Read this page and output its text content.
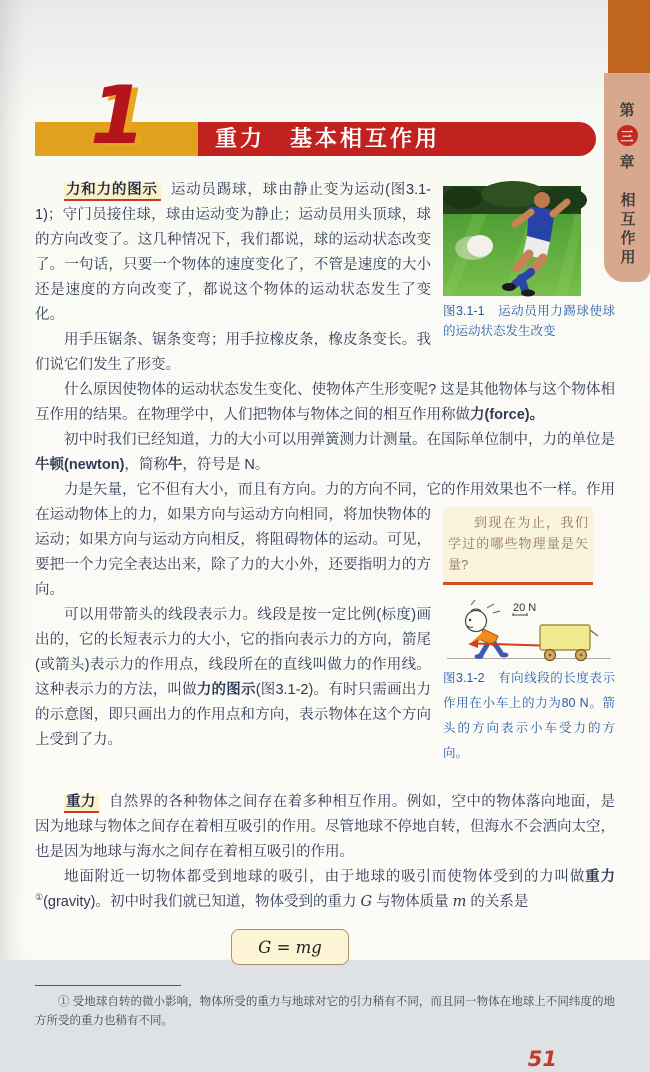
第
三
章
相互作用
1	重力　基本相互作用
图3.1-1　运动员用力踢球使球的运动状态发生改变
力和力的图示 运动员踢球，球由静止变为运动(图3.1-1)；守门员接住球，球由运动变为静止；运动员用头顶球，球的方向改变了。这几种情况下，我们都说，球的运动状态改变了。一句话，只要一个物体的速度变化了，不管是速度的大小还是速度的方向改变了，都说这个物体的运动状态发生了变化。
用手压锯条、锯条变弯；用手拉橡皮条，橡皮条变长。我们说它们发生了形变。
什么原因使物体的运动状态发生变化、使物体产生形变呢? 这是其他物体与这个物体相互作用的结果。在物理学中，人们把物体与物体之间的相互作用称做力(force)。
初中时我们已经知道，力的大小可以用弹簧测力计测量。在国际单位制中，力的单位是牛顿(newton)，简称牛，符号是 N。
力是矢量，它不但有大小，而且有方向。力的方向不同，它的作用效果也不一样。作用
到现在为止，我们学过的哪些物理量是矢量?
20 N
图3.1-2　有向线段的长度表示作用在小车上的力为80 N。箭头的方向表示小车受力的方向。
在运动物体上的力，如果方向与运动方向相同，将加快物体的运动；如果方向与运动方向相反，将阻碍物体的运动。可见，要把一个力完全表达出来，除了力的大小外，还要指明力的方向。
可以用带箭头的线段表示力。线段是按一定比例(标度)画出的，它的长短表示力的大小，它的指向表示力的方向，箭尾(或箭头)表示力的作用点，线段所在的直线叫做力的作用线。这种表示力的方法，叫做力的图示(图3.1-2)。有时只需画出力的示意图，即只画出力的作用点和方向，表示物体在这个方向上受到了力。
重力 自然界的各种物体之间存在着多种相互作用。例如，空中的物体落向地面，是因为地球与物体之间存在着相互吸引的作用。尽管地球不停地自转，但海水不会洒向太空，也是因为地球与海水之间存在着相互吸引的作用。
地面附近一切物体都受到地球的吸引，由于地球的吸引而使物体受到的力叫做重力①(gravity)。初中时我们就已知道，物体受到的重力 G 与物体质量 m 的关系是
G = mg
① 受地球自转的微小影响，物体所受的重力与地球对它的引力稍有不同，而且同一物体在地球上不同纬度的地方所受的重力也稍有不同。
51
